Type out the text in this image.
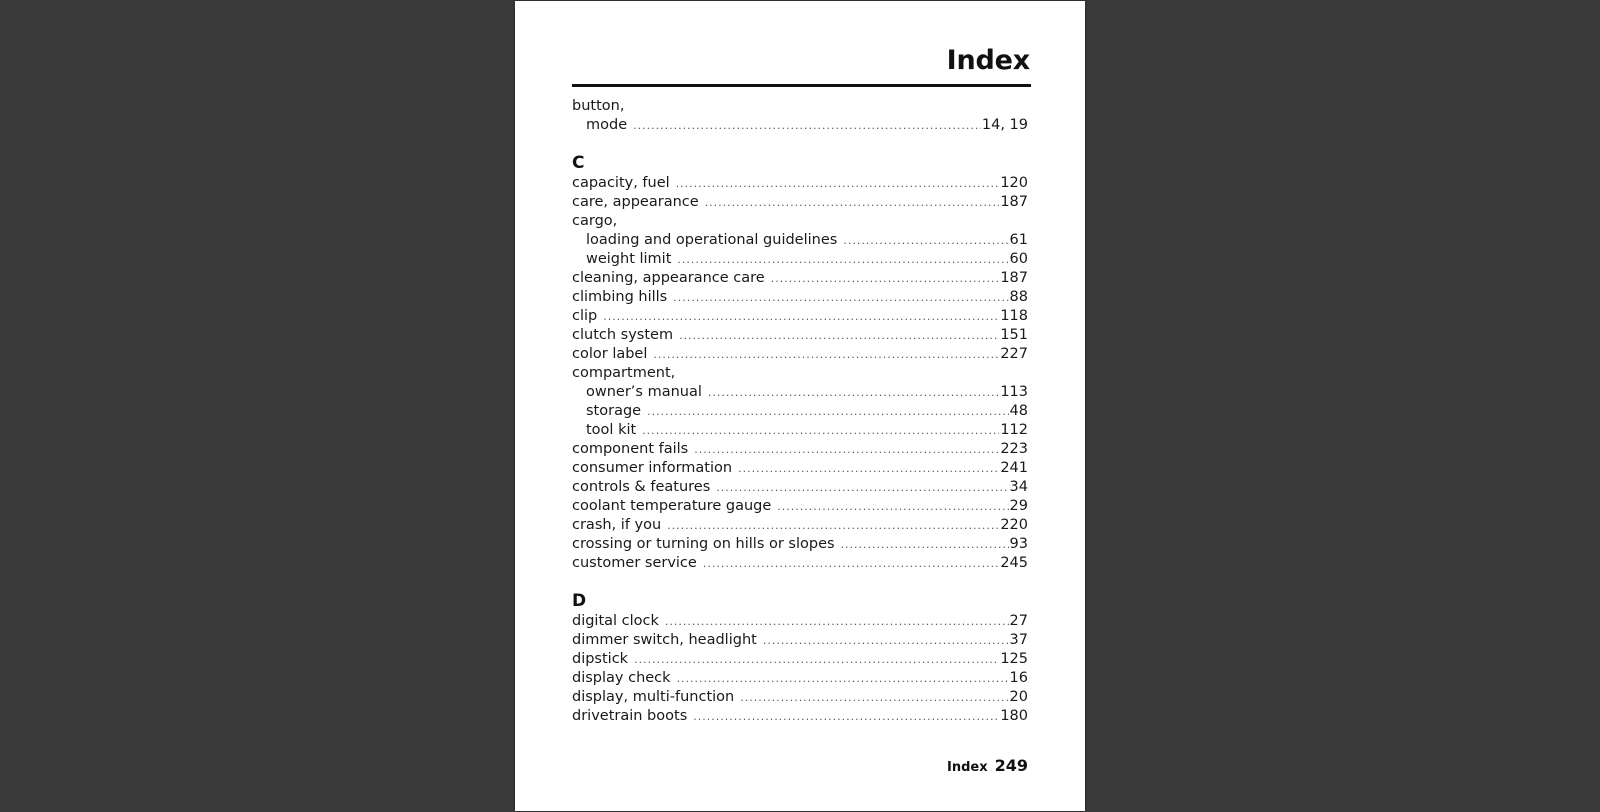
Index
button,
mode .....	14, 19
C
capacity, fuel .....	120
care, appearance .....	187
cargo,
loading and operational guidelines .....	61
weight limit .....	60
cleaning, appearance care .....	187
climbing hills .....	88
clip .....	118
clutch system .....	151
color label .....	227
compartment,
owner’s manual .....	113
storage .....	48
tool kit .....	112
component fails .....	223
consumer information .....	241
controls & features .....	34
coolant temperature gauge .....	29
crash, if you .....	220
crossing or turning on hills or slopes .....	93
customer service .....	245
D
digital clock .....	27
dimmer switch, headlight .....	37
dipstick .....	125
display check .....	16
display, multi-function .....	20
drivetrain boots .....	180
Index 249
